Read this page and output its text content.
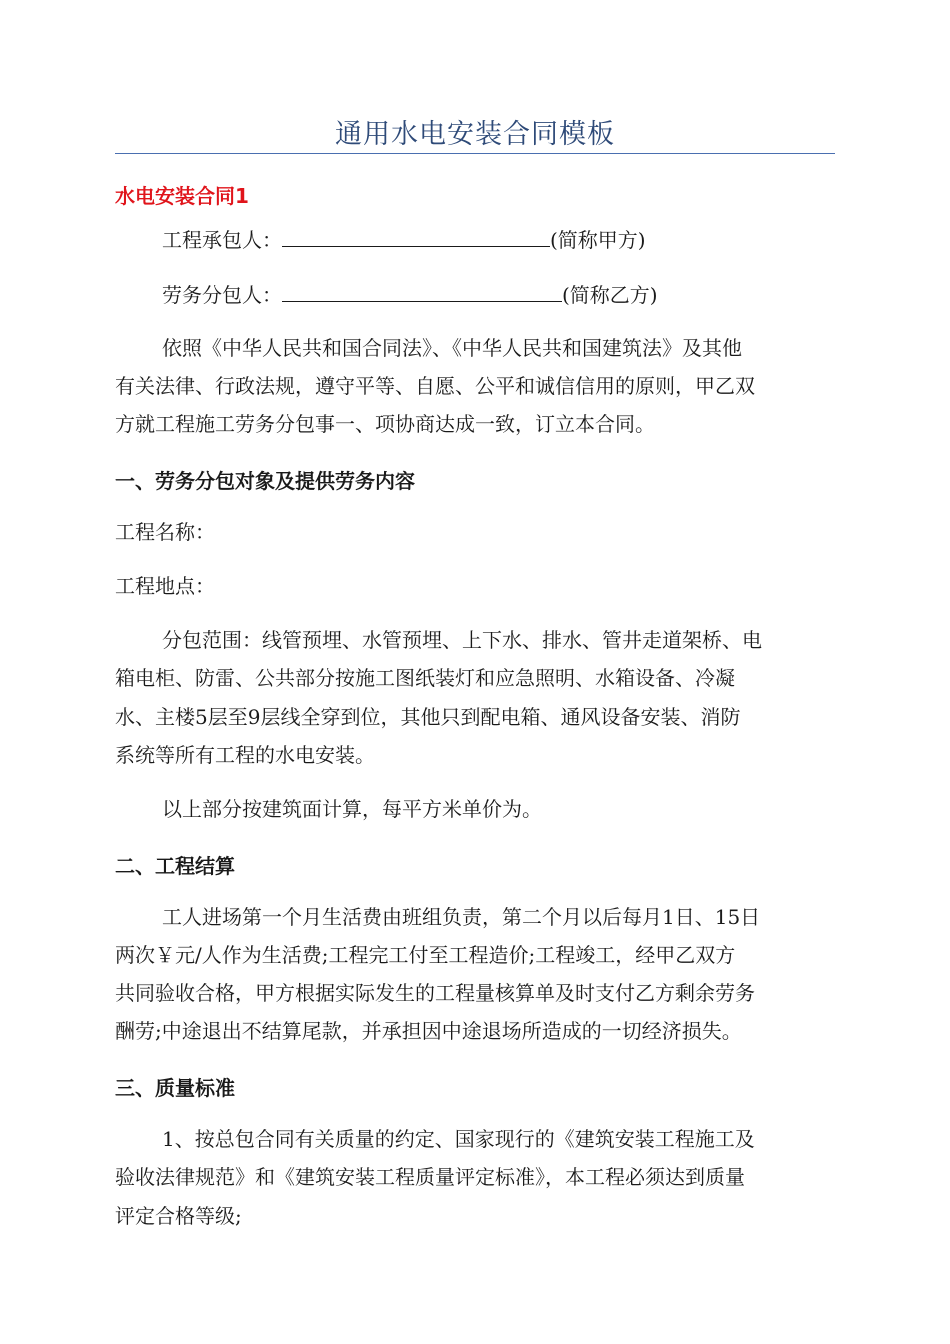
通用水电安装合同模板
水电安装合同1
工程承包人：	(简称甲方)
劳务分包人：	(简称乙方)
依照《中华人民共和国合同法》、《中华人民共和国建筑法》及其他
有关法律、行政法规，遵守平等、自愿、公平和诚信信用的原则，甲乙双
方就工程施工劳务分包事一、项协商达成一致，订立本合同。
一、劳务分包对象及提供劳务内容
工程名称：
工程地点：
分包范围：线管预埋、水管预埋、上下水、排水、管井走道架桥、电
箱电柜、防雷、公共部分按施工图纸装灯和应急照明、水箱设备、冷凝
水、主楼5层至9层线全穿到位，其他只到配电箱、通风设备安装、消防
系统等所有工程的水电安装。
以上部分按建筑面计算，每平方米单价为。
二、工程结算
工人进场第一个月生活费由班组负责，第二个月以后每月1日、15日
两次￥元/人作为生活费;工程完工付至工程造价;工程竣工，经甲乙双方
共同验收合格，甲方根据实际发生的工程量核算单及时支付乙方剩余劳务
酬劳;中途退出不结算尾款，并承担因中途退场所造成的一切经济损失。
三、质量标准
1、按总包合同有关质量的约定、国家现行的《建筑安装工程施工及
验收法律规范》和《建筑安装工程质量评定标准》，本工程必须达到质量
评定合格等级;
